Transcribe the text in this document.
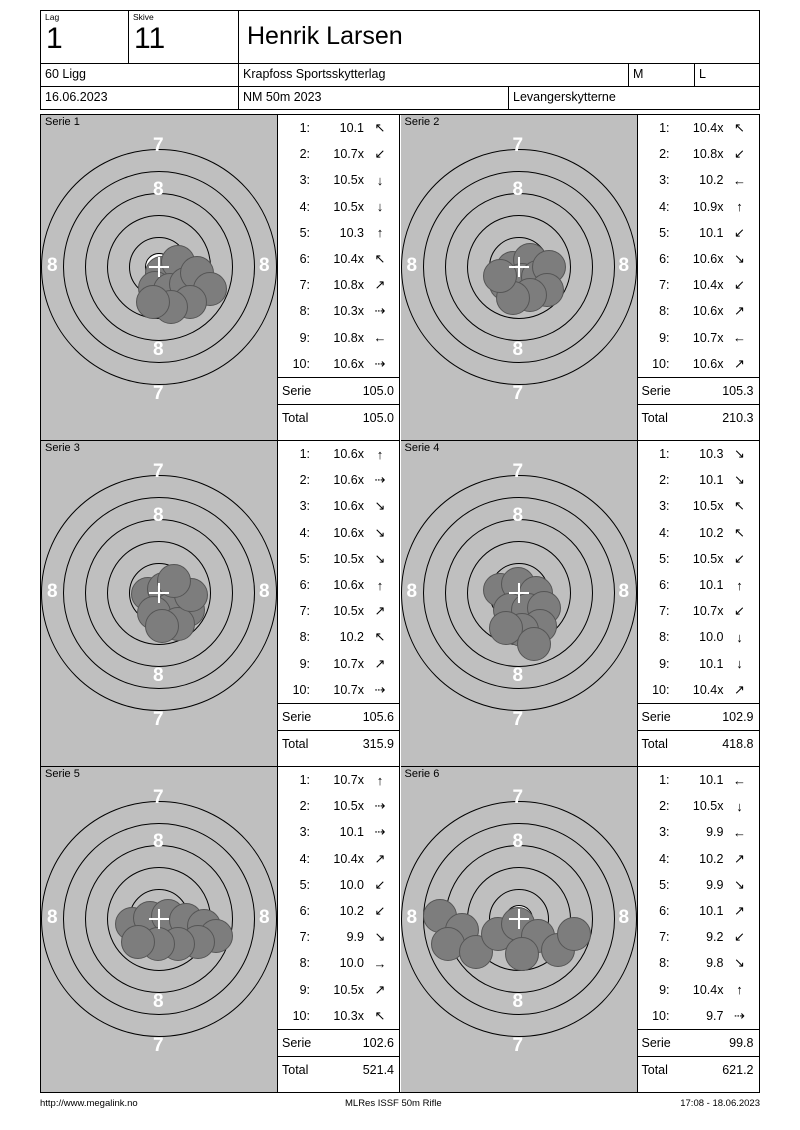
Lag
1
Skive
11	Henrik Larsen
60 Ligg	Krapfoss Sportsskytterlag	M	L
16.06.2023	NM 50m 2023	Levangerskytterne
7
8
8	8
8
7
Serie 1	1:	10.1 ↖
2:	10.7x ↙
3:	10.5x ↓
4:	10.5x ↓
5:	10.3 ↑
6:	10.4x ↖
7:	10.8x ↗
8:	10.3x ⇢
9:	10.8x ←
10:	10.6x ⇢
Serie	105.0
Total	105.0
7
8
8	8
8
7
Serie 2	1:	10.4x ↖
2:	10.8x ↙
3:	10.2 ←
4:	10.9x ↑
5:	10.1 ↙
6:	10.6x ↘
7:	10.4x ↙
8:	10.6x ↗
9:	10.7x ←
10:	10.6x ↗
Serie	105.3
Total	210.3
7
8
8	8
8
7
Serie 3	1:	10.6x ↑
2:	10.6x ⇢
3:	10.6x ↘
4:	10.6x ↘
5:	10.5x ↘
6:	10.6x ↑
7:	10.5x ↗
8:	10.2 ↖
9:	10.7x ↗
10:	10.7x ⇢
Serie	105.6
Total	315.9
7
8
8	8
8
7
Serie 4	1:	10.3 ↘
2:	10.1 ↘
3:	10.5x ↖
4:	10.2 ↖
5:	10.5x ↙
6:	10.1 ↑
7:	10.7x ↙
8:	10.0 ↓
9:	10.1 ↓
10:	10.4x ↗
Serie	102.9
Total	418.8
7
8
8	8
8
7
Serie 5	1:	10.7x ↑
2:	10.5x ⇢
3:	10.1 ⇢
4:	10.4x ↗
5:	10.0 ↙
6:	10.2 ↙
7:	9.9 ↘
8:	10.0 →
9:	10.5x ↗
10:	10.3x ↖
Serie	102.6
Total	521.4
7
8
8	8
8
7
Serie 6	1:	10.1 ←
2:	10.5x ↓
3:	9.9 ←
4:	10.2 ↗
5:	9.9 ↘
6:	10.1 ↗
7:	9.2 ↙
8:	9.8 ↘
9:	10.4x ↑
10:	9.7 ⇢
Serie	99.8
Total	621.2
http://www.megalink.no	MLRes ISSF 50m Rifle	17:08 - 18.06.2023
